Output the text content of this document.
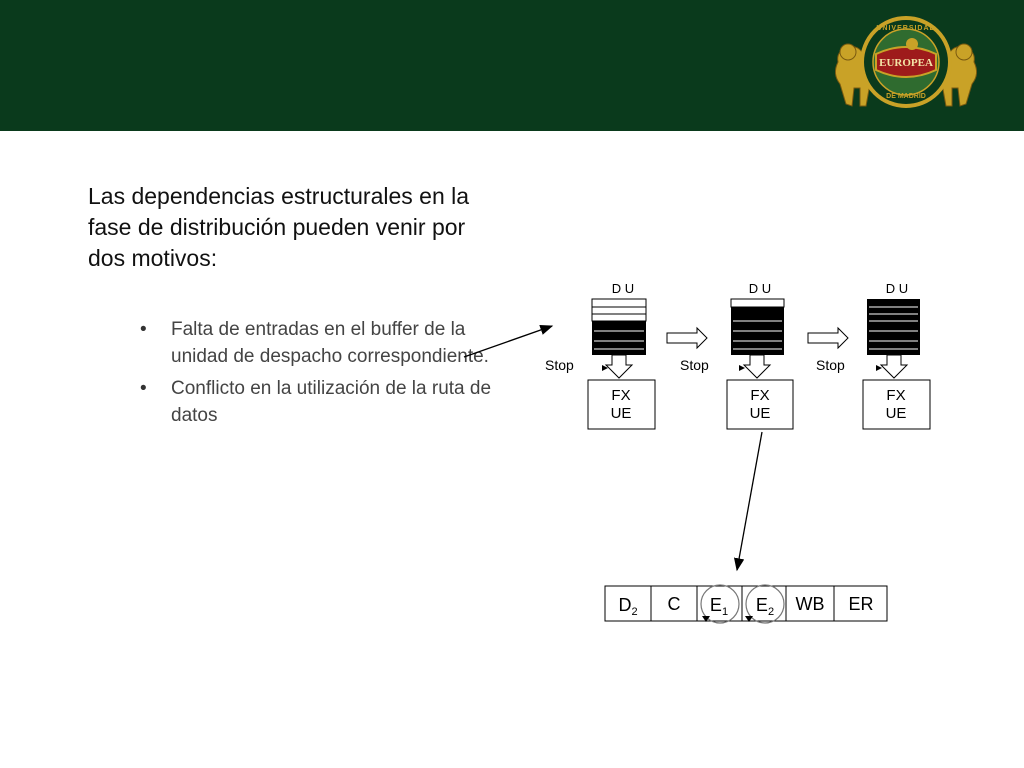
UNIVERSIDAD
EUROPEA
DE MADRID
Las dependencias estructurales en la fase de distribución pueden venir por dos motivos:
• Falta de entradas en el buffer de la unidad de despacho correspondiente.
• Conflicto en la utilización de la ruta de datos
D U
Stop
FX
UE
D U
Stop
FX
UE
D U
Stop
FX
UE
$D_2$ C $E_1$ $E_2$ WB ER
